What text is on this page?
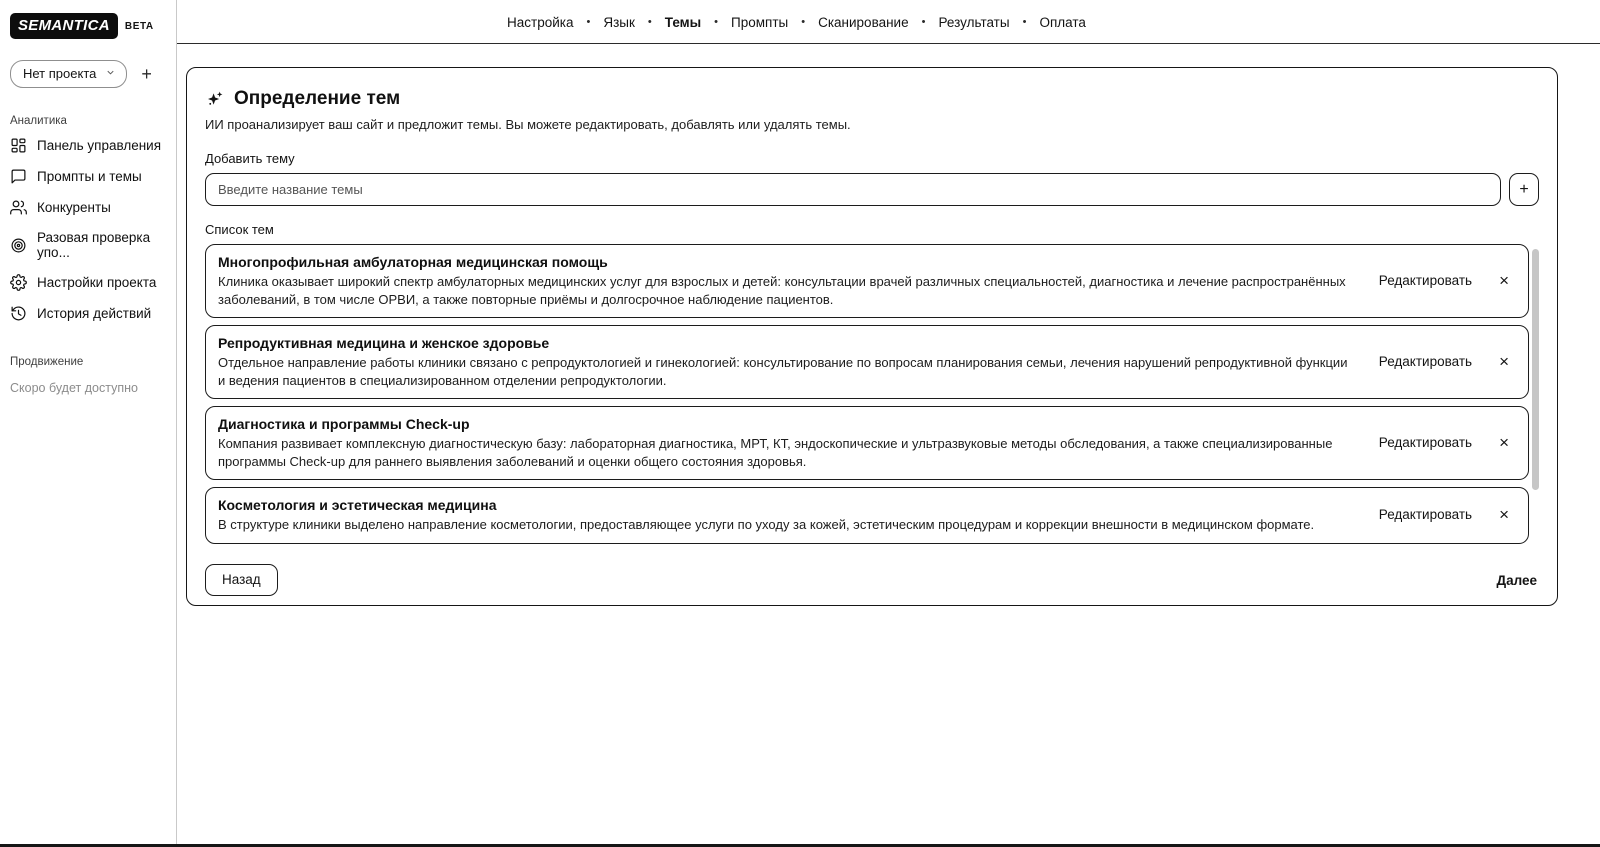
SEMANTICA	BETA
Нет проекта	+
Аналитика
Панель управления
Промпты и темы
Конкуренты
Разовая проверка упо...
Настройки проекта
История действий
Продвижение
Скоро будет доступно
Настройка • Язык • Темы • Промпты • Сканирование • Результаты • Оплата
Определение тем
ИИ проанализирует ваш сайт и предложит темы. Вы можете редактировать, добавлять или удалять темы.
Добавить тему
Введите название темы
+
Список тем
Многопрофильная амбулаторная медицинская помощь
Клиника оказывает широкий спектр амбулаторных медицинских услуг для взрослых и детей: консультации врачей различных специальностей, диагностика и лечение распространённых заболеваний, в том числе ОРВИ, а также повторные приёмы и долгосрочное наблюдение пациентов.
Редактировать	×
Репродуктивная медицина и женское здоровье
Отдельное направление работы клиники связано с репродуктологией и гинекологией: консультирование по вопросам планирования семьи, лечения нарушений репродуктивной функции и ведения пациентов в специализированном отделении репродуктологии.
Редактировать	×
Диагностика и программы Check-up
Компания развивает комплексную диагностическую базу: лабораторная диагностика, МРТ, КТ, эндоскопические и ультразвуковые методы обследования, а также специализированные программы Check-up для раннего выявления заболеваний и оценки общего состояния здоровья.
Редактировать	×
Косметология и эстетическая медицина
В структуре клиники выделено направление косметологии, предоставляющее услуги по уходу за кожей, эстетическим процедурам и коррекции внешности в медицинском формате.
Редактировать	×
Назад	Далее
